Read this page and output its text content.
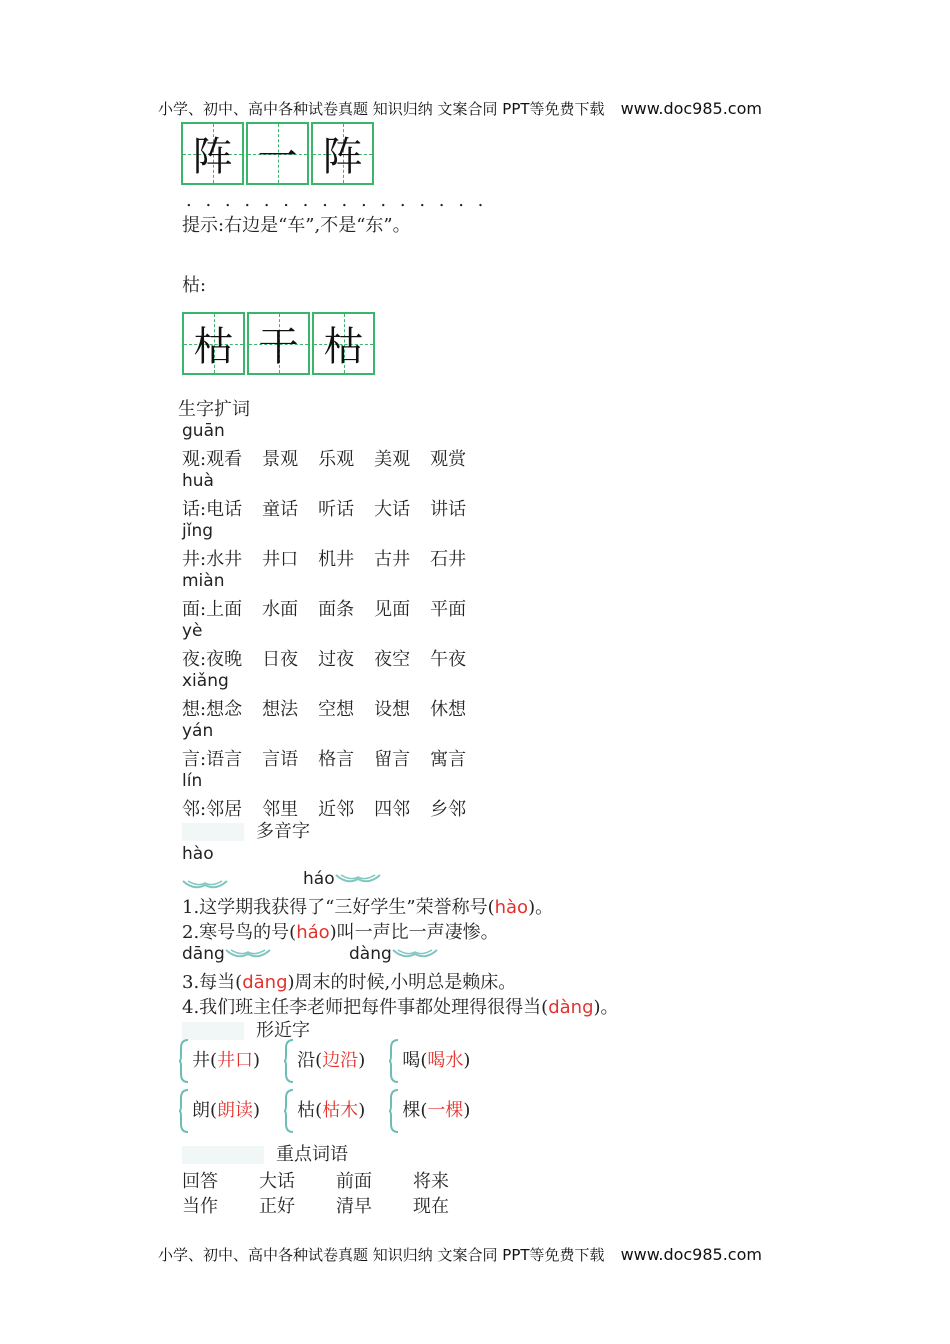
小学、初中、高中各种试卷真题 知识归纳 文案合同 PPT等免费下载 www.doc985.com
阵 一 阵
. . . . . . . . . . . . . . . .
提示:右边是“车”,不是“东”。
枯:
枯 干 枯
生字扩词
guān
观:观看 景观 乐观 美观 观赏
huà
话:电话 童话 听话 大话 讲话
jǐng
井:水井 井口 机井 古井 石井
miàn
面:上面 水面 面条 见面 平面
yè
夜:夜晚 日夜 过夜 夜空 午夜
xiǎng
想:想念 想法 空想 设想 休想
yán
言:语言 言语 格言 留言 寓言
lín
邻:邻居 邻里 近邻 四邻 乡邻
多音字
hào
háo
1.这学期我获得了“三好学生”荣誉称号(hào)。
2.寒号鸟的号(háo)叫一声比一声凄惨。
dāng	dàng
3.每当(dāng)周末的时候,小明总是赖床。
4.我们班主任李老师把每件事都处理得很得当(dàng)。
形近字
井(井口) 沿(边沿) 喝(喝水)
朗(朗读) 枯(枯木) 棵(一棵)
重点词语
回答 大话 前面 将来
当作 正好 清早 现在
小学、初中、高中各种试卷真题 知识归纳 文案合同 PPT等免费下载 www.doc985.com
